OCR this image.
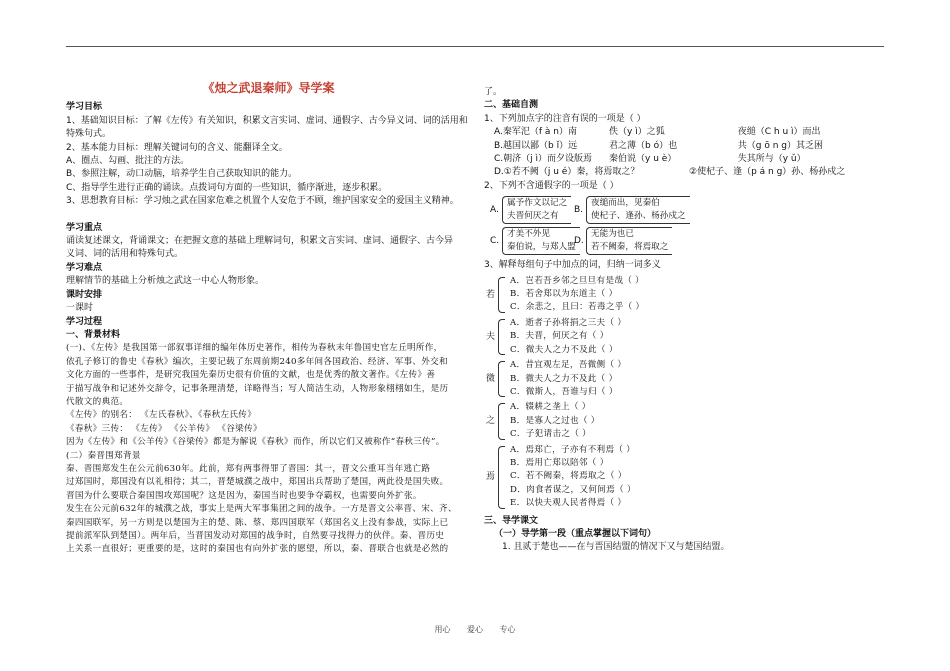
《烛之武退秦师》导学案
学习目标
1、基础知识目标：了解《左传》有关知识，积累文言实词、虚词、通假字、古今异义词、词的活用和
特殊句式。
2、基本能力目标：理解关键词句的含义、能翻译全文。
A、圈点、勾画、批注的方法。
B、参照注解，动口动脑，培养学生自己获取知识的能力。
C、指导学生进行正确的诵读。点拨词句方面的一些知识，循序渐进，逐步积累。
3、思想教育目标：学习烛之武在国家危难之机置个人安危于不顾，维护国家安全的爱国主义精神。
学习重点
诵读复述课文，背诵课文；在把握文意的基础上理解词句，积累文言实词、虚词、通假字、古今异
义词、词的活用和特殊句式。
学习难点
理解情节的基础上分析烛之武这一中心人物形象。
课时安排
一课时
学习过程
一、背景材料
(一)、《左传》是我国第一部叙事详细的编年体历史著作，相传为春秋末年鲁国史官左丘明所作，
依孔子修订的鲁史《春秋》编次，主要记载了东周前期240多年间各国政治、经济、军事、外交和
文化方面的一些事件，是研究我国先秦历史很有价值的文献，也是优秀的散文著作。《左传》善
于描写战争和记述外交辞令，记事条理清楚，详略得当；写人简洁生动，人物形象栩栩如生，是历
代散文的典范。
《左传》的别名： 《左氏春秋》、《春秋左氏传》
《春秋》三传： 《左传》 《公羊传》 《谷梁传》
因为《左传》和《公羊传》《谷梁传》都是为解说《春秋》而作，所以它们又被称作“春秋三传”。
(二）秦晋围郑背景
秦、晋围郑发生在公元前630年。此前，郑有两事得罪了晋国：其一，晋文公重耳当年逃亡路
过郑国时，郑国没有以礼相待；其二，晋楚城濮之战中，郑国出兵帮助了楚国，两此役是国失败。
晋国为什么要联合秦国围攻郑国呢？这是因为，秦国当时也要争夺霸权，也需要向外扩张。
发生在公元前632年的城濮之战，事实上是两大军事集团之间的战争。一方是晋文公率晋、宋、齐、
秦四国联军，另一方则是以楚国为主的楚、陈、蔡、郑四国联军（郑国名义上没有参战，实际上已
提前派军队到楚国）。两年后，当晋国发动对郑国的战争时，自然要寻找得力的伙伴。秦、晋历史
上关系一直很好；更重要的是，这时的秦国也有向外扩张的愿望，所以，秦、晋联合也就是必然的
了。
二、基础自测
1、下列加点字的注音有误的一项是（ ）
A.秦军汜（f à n）南	佚（y ì）之狐	夜缒（C h u ì）而出
B.越国以鄙（b ǐ）远	君之薄（b ó）也	共（g ō n g）其乏困
C.朝济（j ì）而夕设版焉	秦伯说（y u è）	失其所与（y ǔ）
D.①若不阙（j u é）秦，将焉取之？	②使杞子、逢（p á n g）孙、杨孙戍之
2、下列不含通假字的一项是（ ）
A.
属予作文以记之
夫晋何厌之有
B.
夜缒而出，见秦伯
使杞子、逢孙、杨孙戍之
C.
才美不外见
秦伯说，与郑人盟
D.
无能为也已
若不阙秦，将焉取之
3、解释每组句子中加点的词，归纳一词多义
若
A．岂若吾乡邻之旦旦有是哉（ ）
B．若舍郑以为东道主（ ）
C．余悲之，且曰：若毒之乎（ ）
夫
A．逝者子孙将捐之三夫（ ）
B．夫晋，何厌之有（ ）
C．微夫人之力不及此（ ）
微
A．昔宜观左足，吾微侧（ ）
B．微夫人之力不及此（ ）
C．微斯人，吾谁与归（ ）
之
A．辍耕之垄上（ ）
B．是寡人之过也（ ）
C．子犯请击之（ ）
焉
A．焉郑亡，子亦有不利焉（ ）
B．焉用亡郑以陪邻（ ）
C．若不阙秦，将焉取之（ ）
D．肉食者谋之，又何间焉（ ）
E．以快夫观人民者得焉（ ）
三、导学课文
（一）导学第一段（重点掌握以下词句）
1. 且贰于楚也——在与晋国结盟的情况下又与楚国结盟。
用心 爱心 专心
